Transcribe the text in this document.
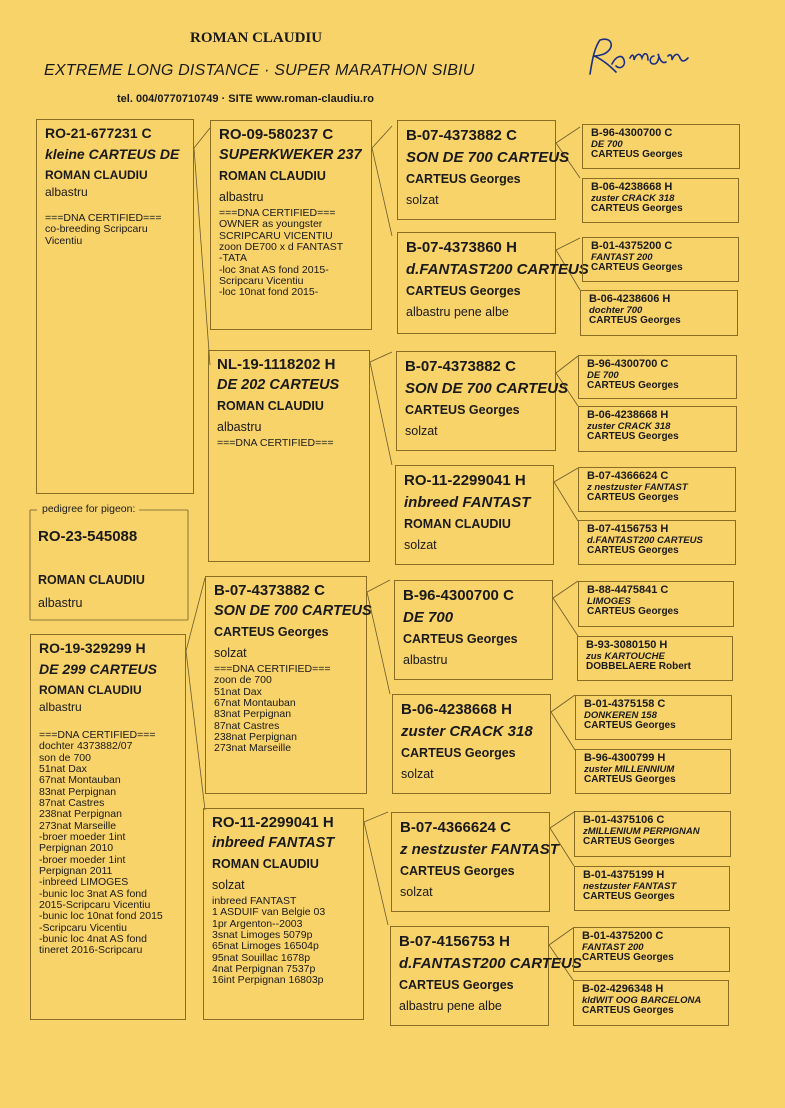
ROMAN CLAUDIU
EXTREME LONG DISTANCE · SUPER MARATHON SIBIU
tel. 004/0770710749 · SITE www.roman-claudiu.ro
pedigree for pigeon:
RO-23-545088
ROMAN CLAUDIU
albastru
RO-21-677231 C
kleine CARTEUS DE
ROMAN CLAUDIU
albastru
===DNA CERTIFIED===
co-breeding Scripcaru
Vicentiu
RO-19-329299 H
DE 299 CARTEUS
ROMAN CLAUDIU
albastru
===DNA CERTIFIED===
dochter 4373882/07
son de 700
51nat Dax
67nat Montauban
83nat Perpignan
87nat Castres
238nat Perpignan
273nat Marseille
-broer moeder 1int
Perpignan 2010
-broer moeder 1int
Perpignan 2011
-inbreed LIMOGES
-bunic loc 3nat AS fond
2015-Scripcaru Vicentiu
-bunic loc 10nat fond 2015
-Scripcaru Vicentiu
-bunic loc 4nat AS fond
tineret 2016-Scripcaru
RO-09-580237 C
SUPERKWEKER 237
ROMAN CLAUDIU
albastru
===DNA CERTIFIED===
OWNER as youngster
SCRIPCARU VICENTIU
zoon DE700 x d FANTAST
-TATA
-loc 3nat AS fond 2015-
Scripcaru Vicentiu
-loc 10nat fond 2015-
NL-19-1118202 H
DE 202 CARTEUS
ROMAN CLAUDIU
albastru
===DNA CERTIFIED===
B-07-4373882 C
SON DE 700 CARTEUS
CARTEUS Georges
solzat
===DNA CERTIFIED===
zoon de 700
51nat Dax
67nat Montauban
83nat Perpignan
87nat Castres
238nat Perpignan
273nat Marseille
RO-11-2299041 H
inbreed FANTAST
ROMAN CLAUDIU
solzat
inbreed FANTAST
1 ASDUIF van Belgie 03
1pr Argenton--2003
3snat Limoges 5079p
65nat Limoges 16504p
95nat Souillac 1678p
4nat Perpignan 7537p
16int Perpignan 16803p
B-07-4373882 C
SON DE 700 CARTEUS
CARTEUS Georges
solzat
B-07-4373860 H
d.FANTAST200 CARTEUS
CARTEUS Georges
albastru pene albe
B-07-4373882 C
SON DE 700 CARTEUS
CARTEUS Georges
solzat
RO-11-2299041 H
inbreed FANTAST
ROMAN CLAUDIU
solzat
B-96-4300700 C
DE 700
CARTEUS Georges
albastru
B-06-4238668 H
zuster CRACK 318
CARTEUS Georges
solzat
B-07-4366624 C
z nestzuster FANTAST
CARTEUS Georges
solzat
B-07-4156753 H
d.FANTAST200 CARTEUS
CARTEUS Georges
albastru pene albe
B-96-4300700 C
DE 700
CARTEUS Georges
B-06-4238668 H
zuster CRACK 318
CARTEUS Georges
B-01-4375200 C
FANTAST 200
CARTEUS Georges
B-06-4238606 H
dochter 700
CARTEUS Georges
B-96-4300700 C
DE 700
CARTEUS Georges
B-06-4238668 H
zuster CRACK 318
CARTEUS Georges
B-07-4366624 C
z nestzuster FANTAST
CARTEUS Georges
B-07-4156753 H
d.FANTAST200 CARTEUS
CARTEUS Georges
B-88-4475841 C
LIMOGES
CARTEUS Georges
B-93-3080150 H
zus KARTOUCHE
DOBBELAERE Robert
B-01-4375158 C
DONKEREN 158
CARTEUS Georges
B-96-4300799 H
zuster MILLENNIUM
CARTEUS Georges
B-01-4375106 C
zMILLENIUM PERPIGNAN
CARTEUS Georges
B-01-4375199 H
nestzuster FANTAST
CARTEUS Georges
B-01-4375200 C
FANTAST 200
CARTEUS Georges
B-02-4296348 H
kldWIT OOG BARCELONA
CARTEUS Georges
